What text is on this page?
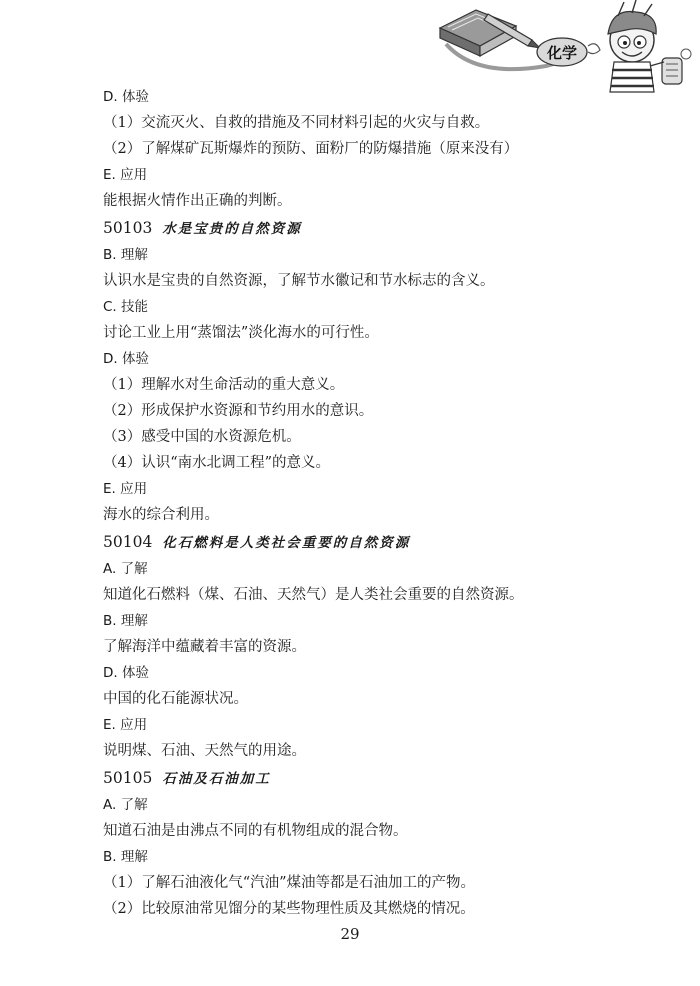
化学
D. 体验
（1）交流灭火、自救的措施及不同材料引起的火灾与自救。
（2）了解煤矿瓦斯爆炸的预防、面粉厂的防爆措施（原来没有）
E. 应用
能根据火情作出正确的判断。
50103 水是宝贵的自然资源
B. 理解
认识水是宝贵的自然资源，了解节水徽记和节水标志的含义。
C. 技能
讨论工业上用“蒸馏法”淡化海水的可行性。
D. 体验
（1）理解水对生命活动的重大意义。
（2）形成保护水资源和节约用水的意识。
（3）感受中国的水资源危机。
（4）认识“南水北调工程”的意义。
E. 应用
海水的综合利用。
50104 化石燃料是人类社会重要的自然资源
A. 了解
知道化石燃料（煤、石油、天然气）是人类社会重要的自然资源。
B. 理解
了解海洋中蕴藏着丰富的资源。
D. 体验
中国的化石能源状况。
E. 应用
说明煤、石油、天然气的用途。
50105 石油及石油加工
A. 了解
知道石油是由沸点不同的有机物组成的混合物。
B. 理解
（1）了解石油液化气“汽油”煤油等都是石油加工的产物。
（2）比较原油常见馏分的某些物理性质及其燃烧的情况。
29
